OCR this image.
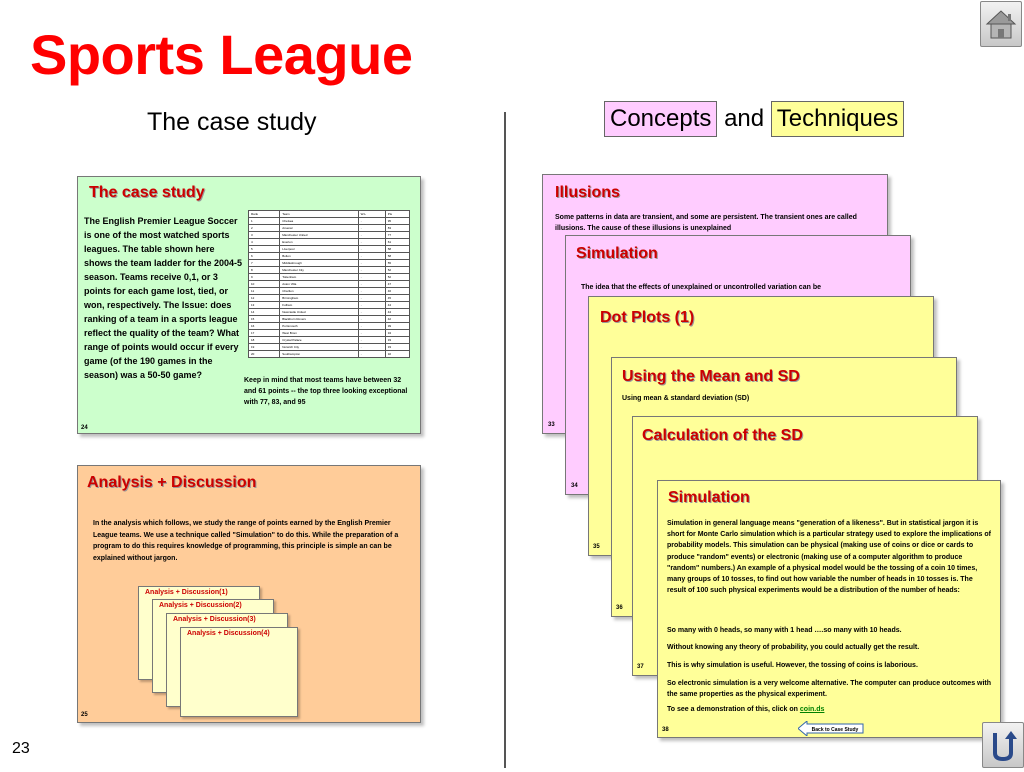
Sports League
The case study	Concepts and Techniques
The case study
The English Premier League Soccer is one of the most watched sports leagues. The table shown here shows the team ladder for the 2004-5 season. Teams receive 0,1, or 3 points for each game lost, tied, or won, respectively. The Issue: does ranking of a team in a sports league reflect the quality of the team? What range of points would occur if every game (of the 190 games in the season) was a 50-50 game?
Rank	Team	W-L	Pts
1	Chelsea	..	95
2	Arsenal	..	83
3	Manchester United	..	77
4	Everton	..	61
5	Liverpool	..	58
6	Bolton	..	58
7	Middlesbrough	..	55
8	Manchester City	..	52
9	Tottenham	..	52
10	Aston Villa	..	47
11	Charlton	..	46
12	Birmingham	..	45
13	Fulham	..	44
14	Newcastle United	..	44
15	Blackburn Rovers	..	42
16	Portsmouth	..	39
17	West Brom	..	34
18	Crystal Palace	..	33
19	Norwich City	..	33
20	Southampton	..	32
Keep in mind that most teams have between 32 and 61 points -- the top three looking exceptional with 77, 83, and 95
24
Analysis + Discussion
In the analysis which follows, we study the range of points earned by the English Premier League teams. We use a technique called "Simulation" to do this. While the preparation of a program to do this requires knowledge of programming, this principle is simple an can be explained without jargon.
25
Analysis + Discussion(1)
Analysis + Discussion(2)
Analysis + Discussion(3)
Analysis + Discussion(4)
Illusions
Some patterns in data are transient, and some are persistent. The transient ones are called illusions. The cause of these illusions is unexplained
33
Simulation
The idea that the effects of unexplained or uncontrolled variation can be
34
Dot Plots (1)
35
Using the Mean and SD
Using mean & standard deviation (SD)
36
Calculation of the SD
37
Simulation
Simulation in general language means "generation of a likeness". But in statistical jargon it is short for Monte Carlo simulation which is a particular strategy used to explore the implications of probability models. This simulation can be physical (making use of coins or dice or cards to produce "random" events) or electronic (making use of a computer algorithm to produce "random" numbers.) An example of a physical model would be the tossing of a coin 10 times, many groups of 10 tosses, to find out how variable the number of heads in 10 tosses is. The result of 100 such physical experiments would be a distribution of the number of heads:
So many with 0 heads, so many with 1 head ….so many with 10 heads.
Without knowing any theory of probability, you could actually get the result.
This is why simulation is useful. However, the tossing of coins is laborious.
So electronic simulation is a very welcome alternative. The computer can produce outcomes with the same properties as the physical experiment.
To see a demonstration of this, click on coin.ds
38	Back to Case Study
23
